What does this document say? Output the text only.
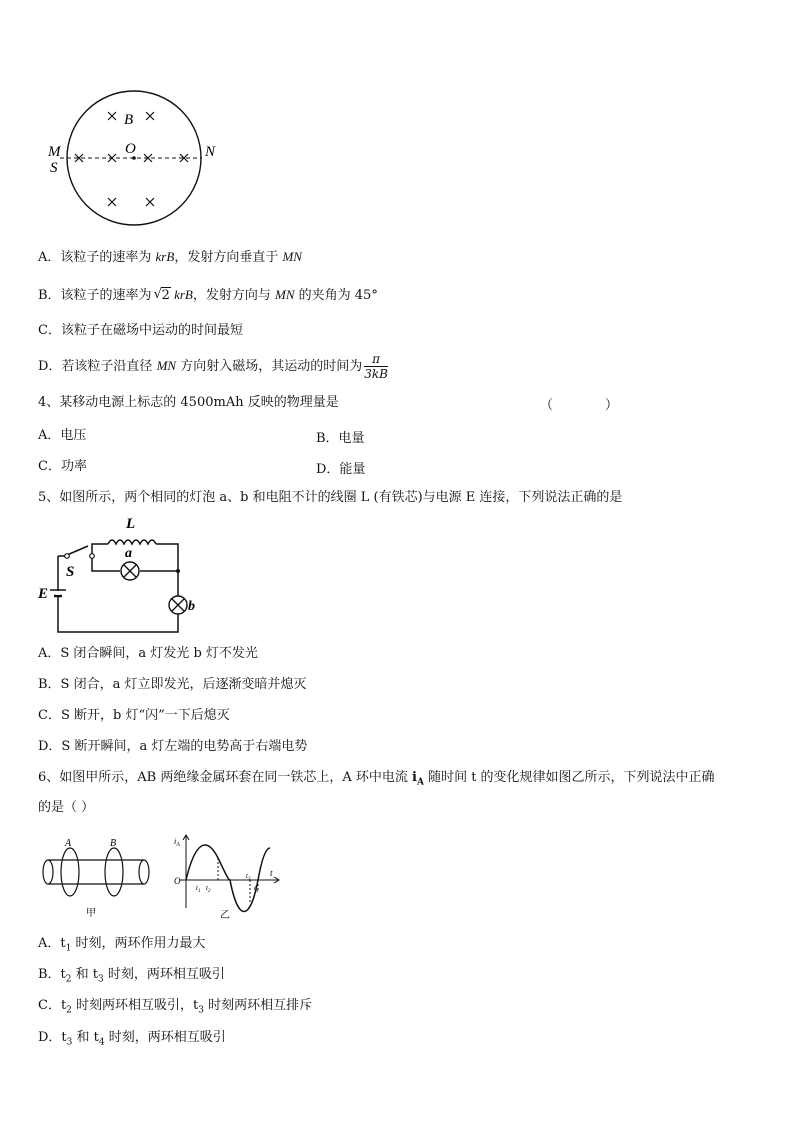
B
O
M
S
N
A．该粒子的速率为 krB，发射方向垂直于 MN
B．该粒子的速率为 √ 2 krB，发射方向与 MN 的夹角为 45°
C．该粒子在磁场中运动的时间最短
D．若该粒子沿直径 MN 方向射入磁场，其运动的时间为 $\frac{\pi}{3kB}$
4、某移动电源上标志的 4500mAh 反映的物理量是	（　　　　）
A．电压	B．电量
C．功率	D．能量
5、如图所示，两个相同的灯泡 a、b 和电阻不计的线圈 L (有铁芯)与电源 E 连接，下列说法正确的是
L
a
S
E
b
A．S 闭合瞬间，a 灯发光 b 灯不发光
B．S 闭合，a 灯立即发光，后逐渐变暗并熄灭
C．S 断开，b 灯“闪”一下后熄灭
D．S 断开瞬间，a 灯左端的电势高于右端电势
6、如图甲所示，AB 两绝缘金属环套在同一铁芯上，A 环中电流 $i_A$ 随时间 t 的变化规律如图乙所示，下列说法中正确
的是（ ）
A	B
甲
$i_A$
O
t
$t_1$ $t_2$
$t_3$
$t_4$
乙
A．$t_1$ 时刻，两环作用力最大
B．$t_2$ 和 $t_3$ 时刻，两环相互吸引
C．$t_2$ 时刻两环相互吸引，$t_3$ 时刻两环相互排斥
D．$t_3$ 和 $t_4$ 时刻，两环相互吸引
